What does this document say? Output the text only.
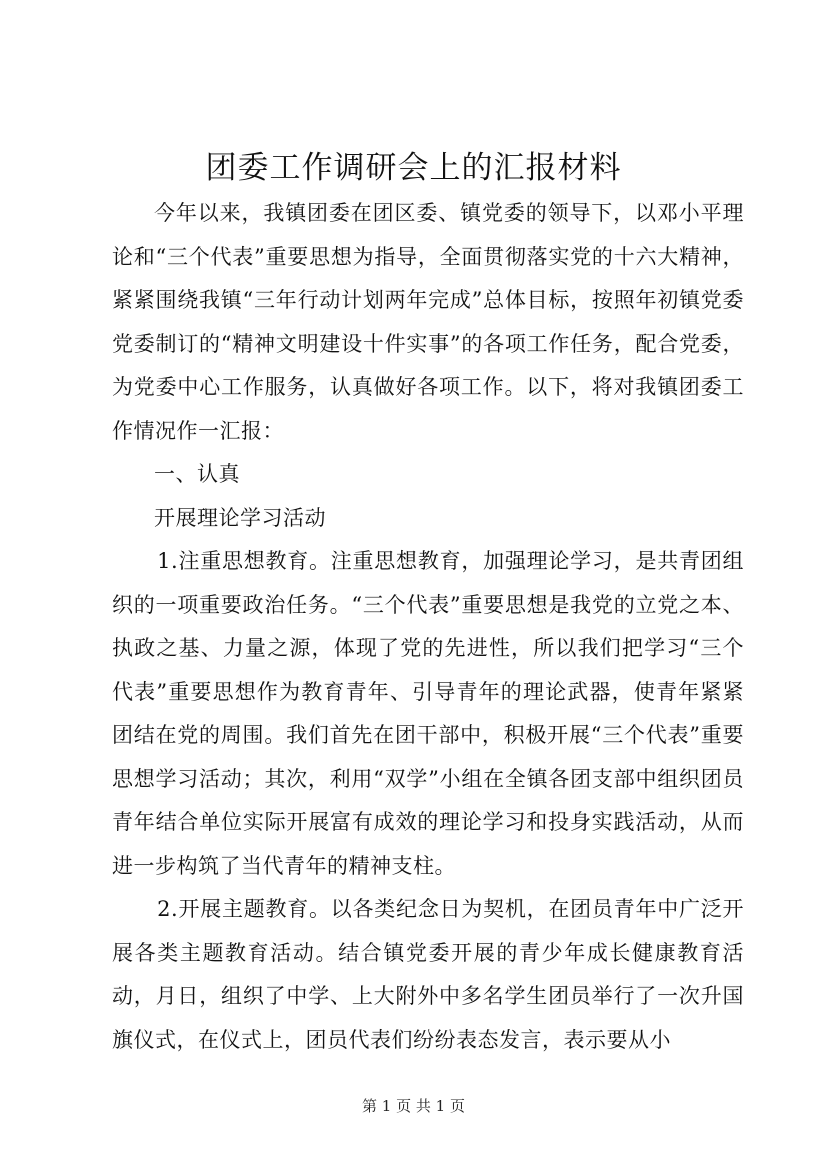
团委工作调研会上的汇报材料

今年以来，我镇团委在团区委、镇党委的领导下，以邓小平理论和“三个代表”重要思想为指导，全面贯彻落实党的十六大精神，紧紧围绕我镇“三年行动计划两年完成”总体目标，按照年初镇党委党委制订的“精神文明建设十件实事”的各项工作任务，配合党委，为党委中心工作服务，认真做好各项工作。以下，将对我镇团委工作情况作一汇报：

一、认真

开展理论学习活动

1.注重思想教育。注重思想教育，加强理论学习，是共青团组织的一项重要政治任务。“三个代表”重要思想是我党的立党之本、执政之基、力量之源，体现了党的先进性，所以我们把学习“三个代表”重要思想作为教育青年、引导青年的理论武器，使青年紧紧团结在党的周围。我们首先在团干部中，积极开展“三个代表”重要思想学习活动；其次，利用“双学”小组在全镇各团支部中组织团员青年结合单位实际开展富有成效的理论学习和投身实践活动，从而进一步构筑了当代青年的精神支柱。

2.开展主题教育。以各类纪念日为契机，在团员青年中广泛开展各类主题教育活动。结合镇党委开展的青少年成长健康教育活动，月日，组织了中学、上大附外中多名学生团员举行了一次升国旗仪式，在仪式上，团员代表们纷纷表态发言，表示要从小

第 1 页 共 1 页
